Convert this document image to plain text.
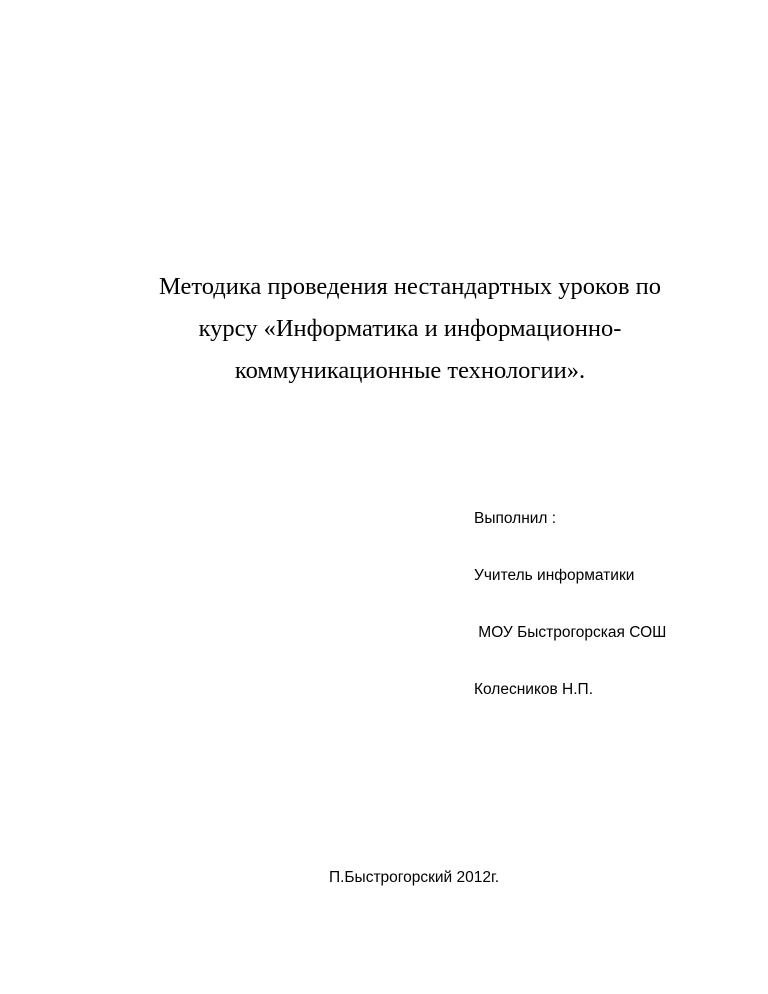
Методика проведения нестандартных уроков по
курсу «Информатика и информационно-
коммуникационные технологии».

Выполнил :

Учитель информатики

МОУ Быстрогорская СОШ

Колесников Н.П.

П.Быстрогорский 2012г.
